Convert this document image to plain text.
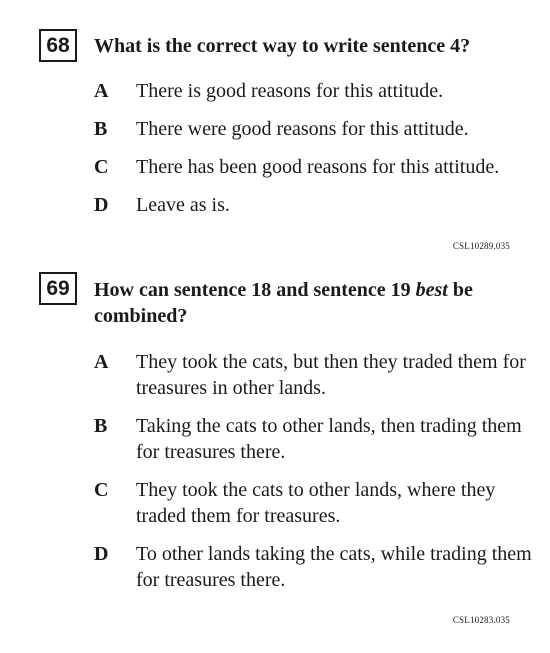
68	What is the correct way to write sentence 4?
A	There is good reasons for this attitude.
B	There were good reasons for this attitude.
C	There has been good reasons for this attitude.
D	Leave as is.
CSL10289.035
69	How can sentence 18 and sentence 19 best be combined?
A	They took the cats, but then they traded them for treasures in other lands.
B	Taking the cats to other lands, then trading them for treasures there.
C	They took the cats to other lands, where they traded them for treasures.
D	To other lands taking the cats, while trading them for treasures there.
CSL10283.035
